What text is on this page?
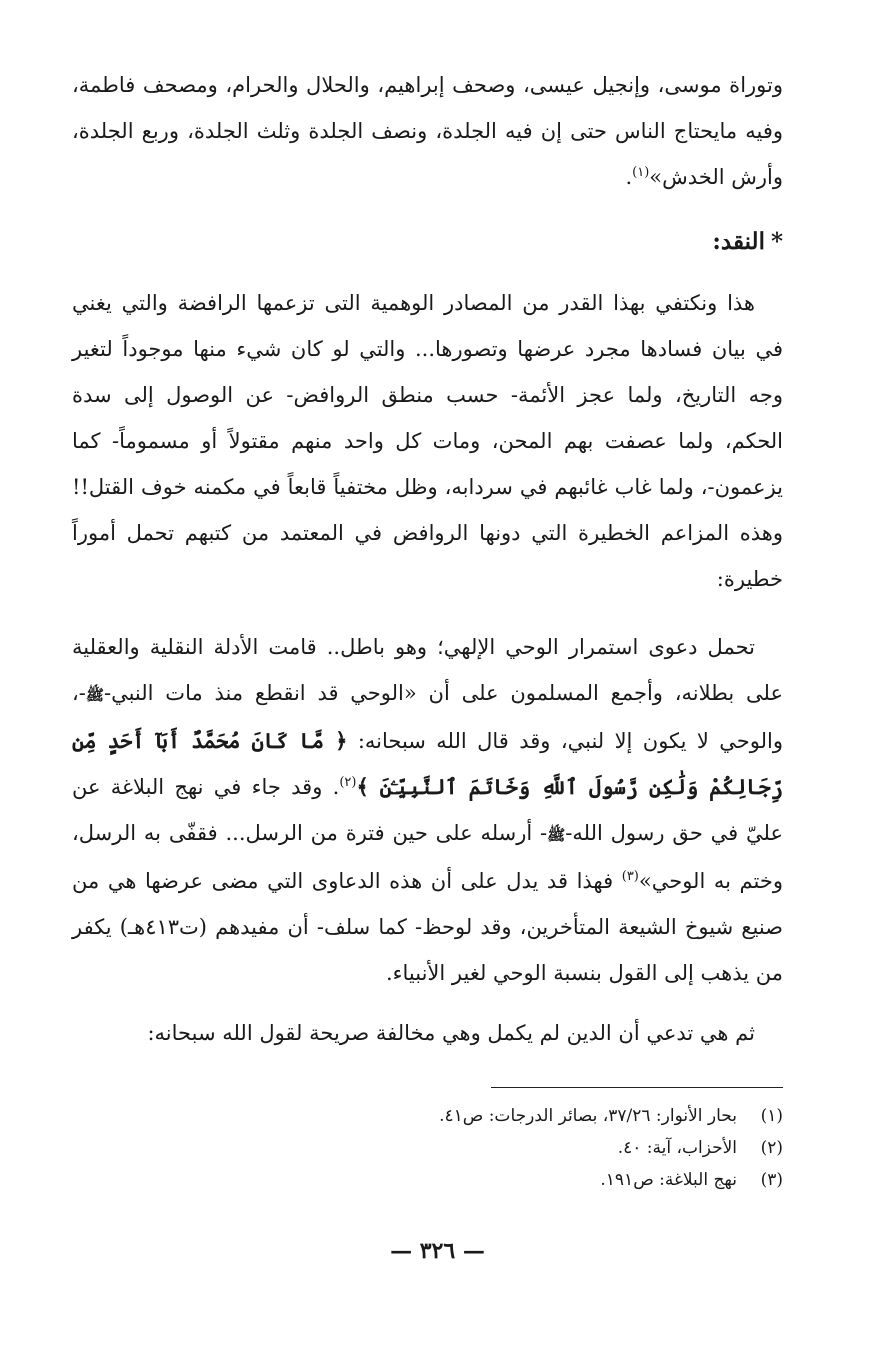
وتوراة موسى، وإنجيل عيسى، وصحف إبراهيم، والحلال والحرام، ومصحف فاطمة، وفيه مايحتاج الناس حتى إن فيه الجلدة، ونصف الجلدة وثلث الجلدة، وربع الجلدة، وأرش الخدش»$^{(١)}$.

*النقد:

هذا ونكتفي بهذا القدر من المصادر الوهمية التى تزعمها الرافضة والتي يغني في بيان فسادها مجرد عرضها وتصورها... والتي لو كان شيء منها موجوداً لتغير وجه التاريخ، ولما عجز الأئمة- حسب منطق الروافض- عن الوصول إلى سدة الحكم، ولما عصفت بهم المحن، ومات كل واحد منهم مقتولاً أو مسموماً- كما يزعمون-، ولما غاب غائبهم في سردابه، وظل مختفياً قابعاً في مكمنه خوف القتل!! وهذه المزاعم الخطيرة التي دونها الروافض في المعتمد من كتبهم تحمل أموراً خطيرة:

تحمل دعوى استمرار الوحي الإلهي؛ وهو باطل.. قامت الأدلة النقلية والعقلية على بطلانه، وأجمع المسلمون على أن «الوحي قد انقطع منذ مات النبي-ﷺ-، والوحي لا يكون إلا لنبي، وقد قال الله سبحانه: ﴿ مَّا كَانَ مُحَمَّدٌ أَبَآ أَحَدٍ مِّن رِّجَالِكُمْ وَلَٰكِن رَّسُولَ ٱللَّهِ وَخَاتَمَ ٱلنَّبِيِّـۧنَ ﴾$^{(٢)}$. وقد جاء في نهج البلاغة عن عليّ في حق رسول الله-ﷺ- أرسله على حين فترة من الرسل... فقفّى به الرسل، وختم به الوحي»$^{(٣)}$ فهذا قد يدل على أن هذه الدعاوى التي مضى عرضها هي من صنيع شيوخ الشيعة المتأخرين، وقد لوحظ- كما سلف- أن مفيدهم (ت٤١٣هـ) يكفر من يذهب إلى القول بنسبة الوحي لغير الأنبياء.

ثم هي تدعي أن الدين لم يكمل وهي مخالفة صريحة لقول الله سبحانه:

(١)
بحار الأنوار: ٣٧/٢٦، بصائر الدرجات: ص٤١.
(٢)
الأحزاب، آية: ٤٠.
(٣)
نهج البلاغة: ص١٩١.
— ٣٢٦ —
